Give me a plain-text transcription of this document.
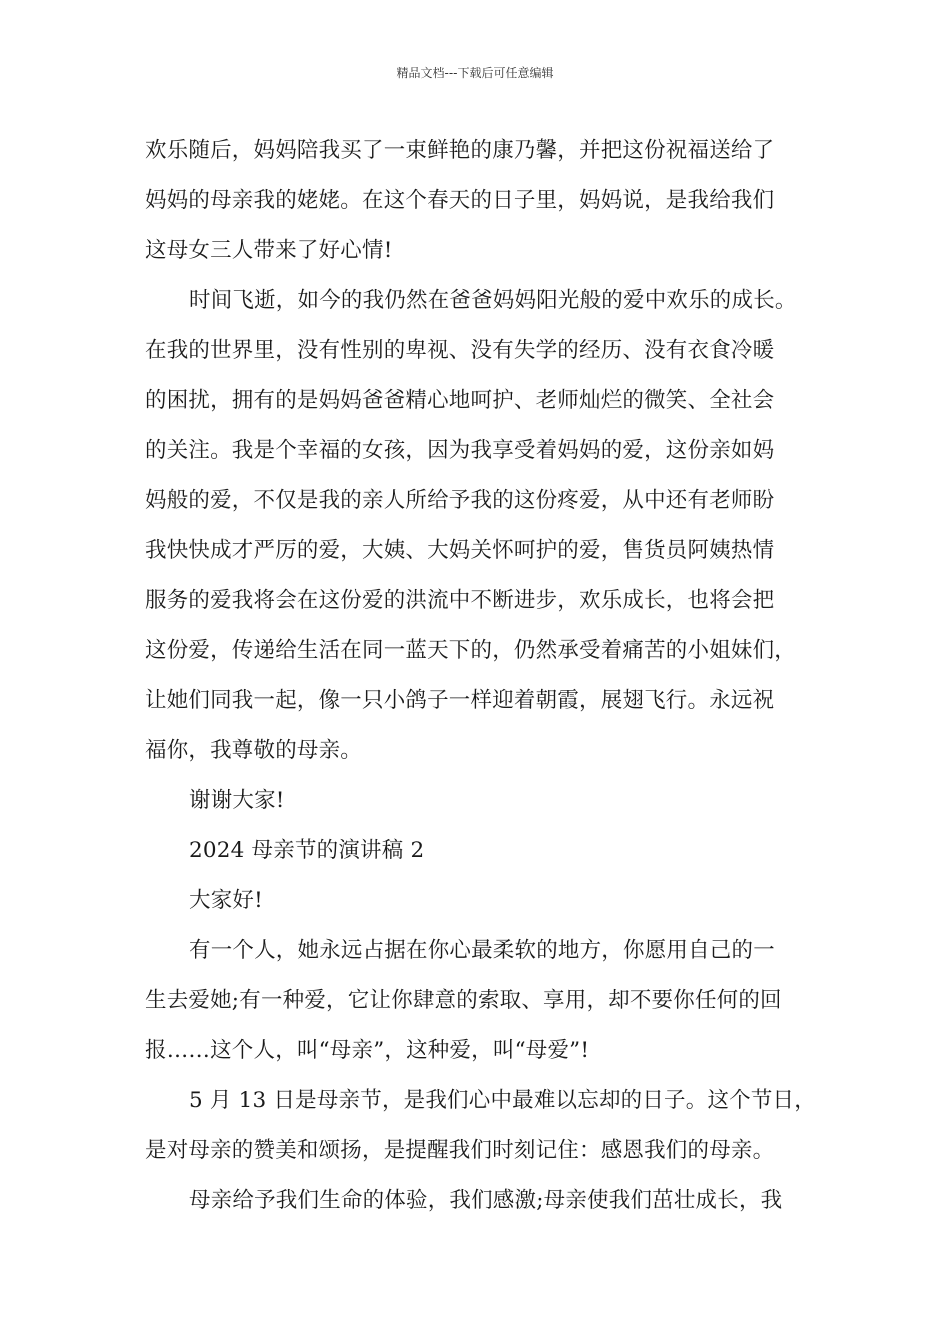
精品文档---下载后可任意编辑

欢乐随后，妈妈陪我买了一束鲜艳的康乃馨，并把这份祝福送给了

妈妈的母亲我的姥姥。在这个春天的日子里，妈妈说，是我给我们

这母女三人带来了好心情!

时间飞逝，如今的我仍然在爸爸妈妈阳光般的爱中欢乐的成长。

在我的世界里，没有性别的卑视、没有失学的经历、没有衣食冷暖

的困扰，拥有的是妈妈爸爸精心地呵护、老师灿烂的微笑、全社会

的关注。我是个幸福的女孩，因为我享受着妈妈的爱，这份亲如妈

妈般的爱，不仅是我的亲人所给予我的这份疼爱，从中还有老师盼

我快快成才严厉的爱，大姨、大妈关怀呵护的爱，售货员阿姨热情

服务的爱我将会在这份爱的洪流中不断进步，欢乐成长，也将会把

这份爱，传递给生活在同一蓝天下的，仍然承受着痛苦的小姐妹们，

让她们同我一起，像一只小鸽子一样迎着朝霞，展翅飞行。永远祝

福你，我尊敬的母亲。

谢谢大家!

2024 母亲节的演讲稿 2

大家好!

有一个人，她永远占据在你心最柔软的地方，你愿用自己的一

生去爱她;有一种爱，它让你肆意的索取、享用，却不要你任何的回

报……这个人，叫“母亲”，这种爱，叫“母爱”!

5 月 13 日是母亲节，是我们心中最难以忘却的日子。这个节日，

是对母亲的赞美和颂扬，是提醒我们时刻记住：感恩我们的母亲。

母亲给予我们生命的体验，我们感激;母亲使我们茁壮成长，我
